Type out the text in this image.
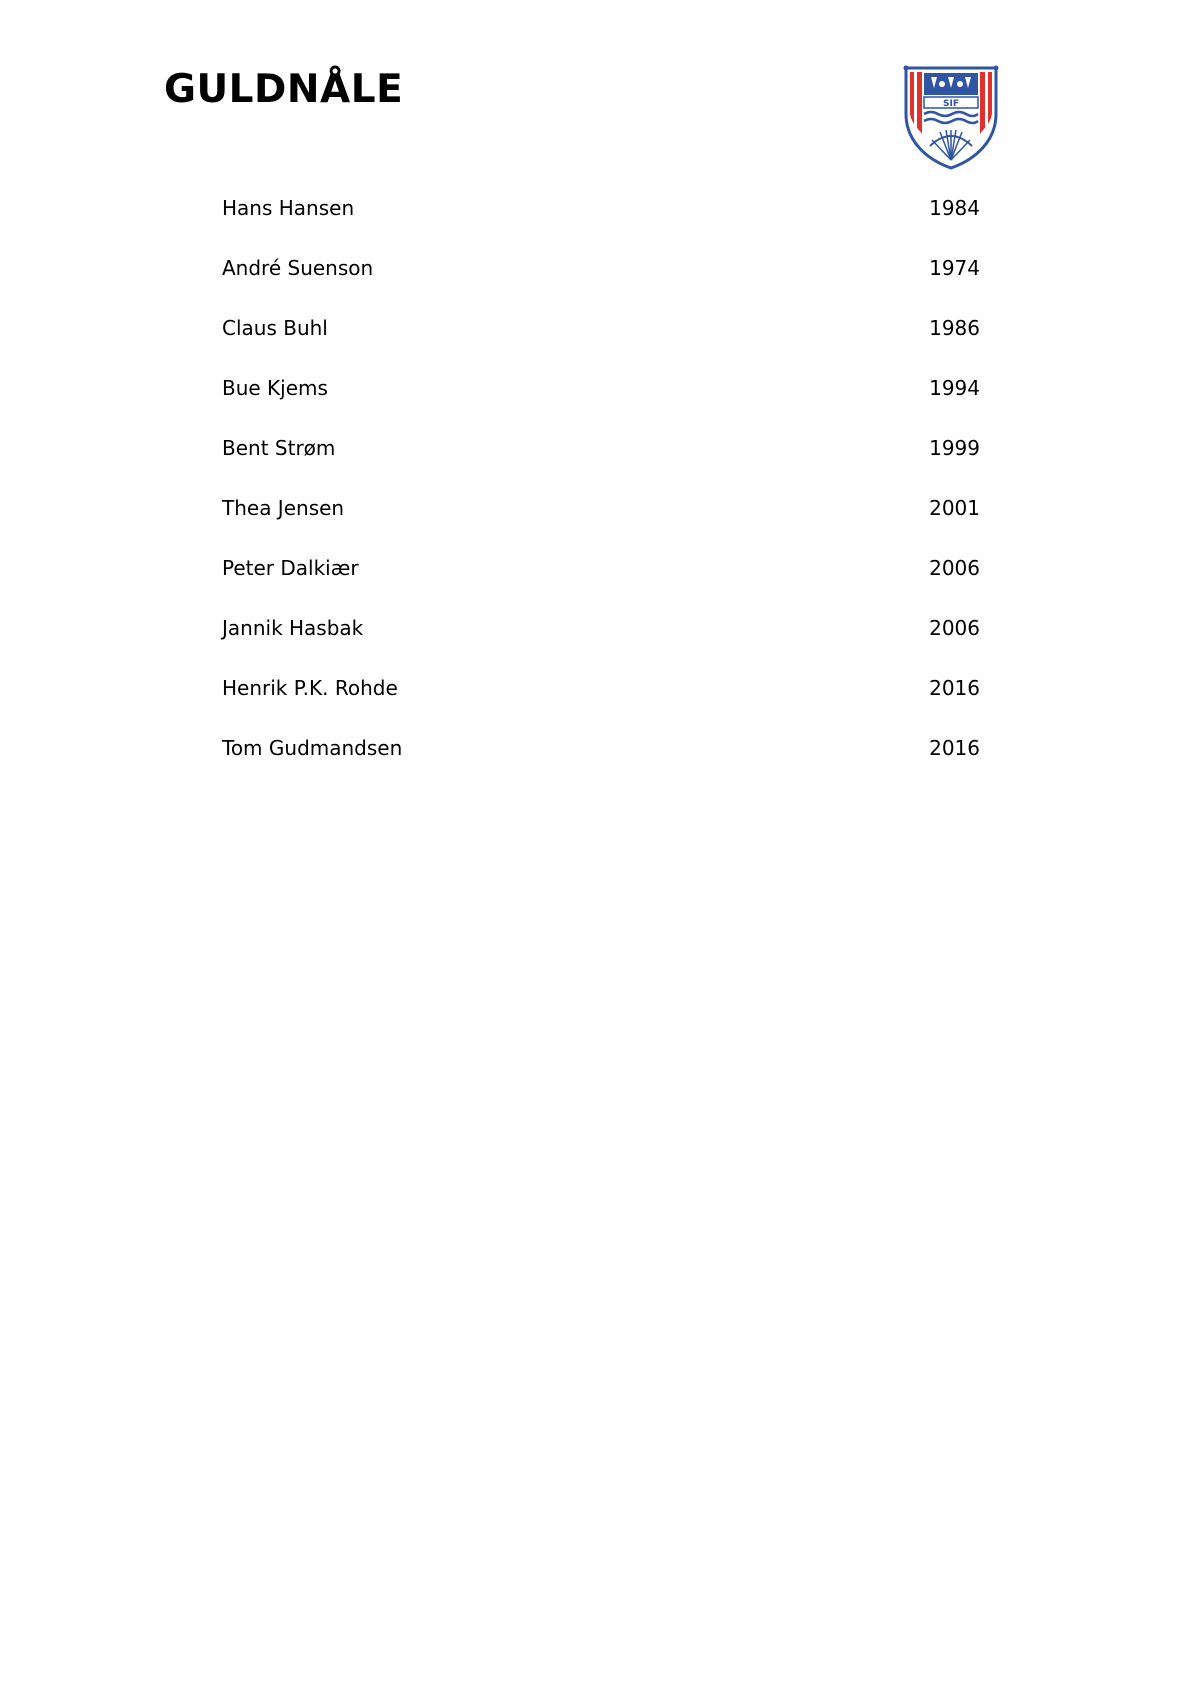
GULDNÅLE	SIF
Hans Hansen	1984
André Suenson	1974
Claus Buhl	1986
Bue Kjems	1994
Bent Strøm	1999
Thea Jensen	2001
Peter Dalkiær	2006
Jannik Hasbak	2006
Henrik P.K. Rohde	2016
Tom Gudmandsen	2016
